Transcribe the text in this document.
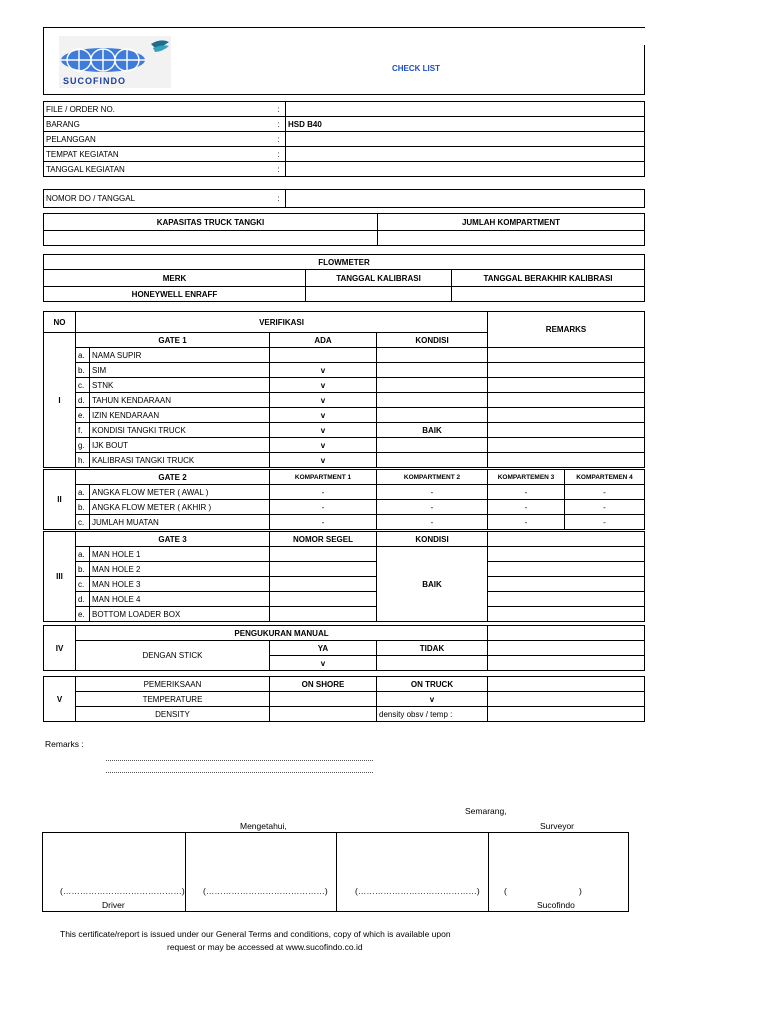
SUCOFINDO
CHECK LIST
FILE / ORDER NO.	:	
BARANG	:	HSD B40
PELANGGAN	:	
TEMPAT KEGIATAN	:	
TANGGAL KEGIATAN	:	
NOMOR DO / TANGGAL	:	
KAPASITAS TRUCK TANGKI	JUMLAH KOMPARTMENT

FLOWMETER		
MERK	TANGGAL KALIBRASI	TANGGAL BERAKHIR KALIBRASI
HONEYWELL ENRAFF		
NO	VERIFIKASI				REMARKS
I	GATE 1		ADA	KONDISI	
	a.	NAMA SUPIR			
	b.	SIM	v		
	c.	STNK	v		
	d.	TAHUN KENDARAAN	v		
	e.	IZIN KENDARAAN	v		
	f.	KONDISI TANGKI TRUCK	v	BAIK	
	g.	IJK BOUT	v		
	h.	KALIBRASI TANGKI TRUCK	v		
II	GATE 2		KOMPARTMENT 1	KOMPARTMENT 2	KOMPARTEMEN 3	KOMPARTEMEN 4
	a.	ANGKA FLOW METER ( AWAL )	-	-	-	-
	b.	ANGKA FLOW METER ( AKHIR )	-	-	-	-
	c.	JUMLAH MUATAN	-	-	-	-
III	GATE 3		NOMOR SEGEL	KONDISI	
	a.	MAN HOLE 1		BAIK	
	b.	MAN HOLE 2			
	c.	MAN HOLE 3			
	d.	MAN HOLE 4			
	e.	BOTTOM LOADER BOX			
IV	PENGUKURAN MANUAL			
	DENGAN STICK	YA	TIDAK	
		v		
V	PEMERIKSAAN	ON SHORE	ON TRUCK	
	TEMPERATURE		v	
	DENSITY		density obsv / temp :	
Remarks :
Semarang,
Mengetahui,	Surveyor
(……………………………………) (……………………………………)	(……………………………………)	(	)
Driver	Sucofindo
This certificate/report is issued under our General Terms and conditions, copy of which is available upon
request or may be accessed at www.sucofindo.co.id
